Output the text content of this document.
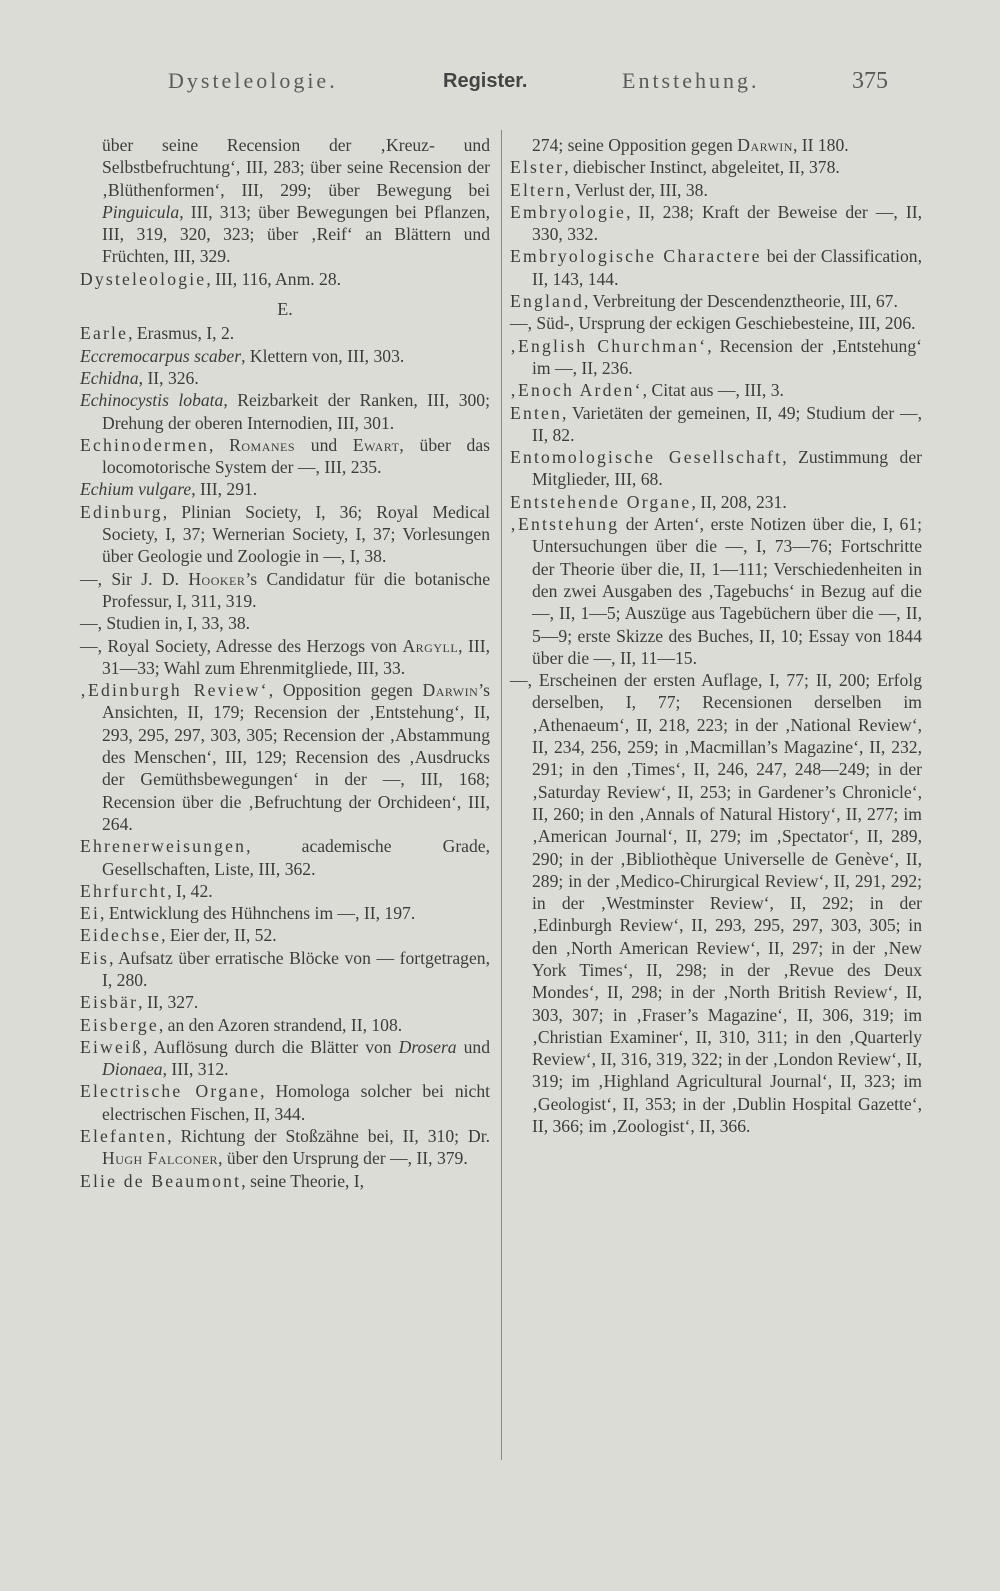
Dysteleologie.	Register.	Entstehung.	375

über seine Recension der ‚Kreuz- und Selbstbefruchtung‘, III, 283; über seine Recension der ‚Blüthenformen‘, III, 299; über Bewegung bei Pinguicula, III, 313; über Bewegungen bei Pflanzen, III, 319, 320, 323; über ‚Reif‘ an Blättern und Früchten, III, 329.

Dysteleologie, III, 116, Anm. 28.

E.

Earle, Erasmus, I, 2.

Eccremocarpus scaber, Klettern von, III, 303.

Echidna, II, 326.

Echinocystis lobata, Reizbarkeit der Ranken, III, 300; Drehung der oberen Internodien, III, 301.

Echinodermen, Romanes und Ewart, über das locomotorische System der —, III, 235.

Echium vulgare, III, 291.

Edinburg, Plinian Society, I, 36; Royal Medical Society, I, 37; Wernerian Society, I, 37; Vorlesungen über Geologie und Zoologie in —, I, 38.

—, Sir J. D. Hooker’s Candidatur für die botanische Professur, I, 311, 319.

—, Studien in, I, 33, 38.

—, Royal Society, Adresse des Herzogs von Argyll, III, 31—33; Wahl zum Ehrenmitgliede, III, 33.

‚Edinburgh Review‘, Opposition gegen Darwin’s Ansichten, II, 179; Recension der ‚Entstehung‘, II, 293, 295, 297, 303, 305; Recension der ‚Abstammung des Menschen‘, III, 129; Recension des ‚Ausdrucks der Gemüthsbewegungen‘ in der —, III, 168; Recension über die ‚Befruchtung der Orchideen‘, III, 264.

Ehrenerweisungen, academische Grade, Gesellschaften, Liste, III, 362.

Ehrfurcht, I, 42.

Ei, Entwicklung des Hühnchens im —, II, 197.

Eidechse, Eier der, II, 52.

Eis, Aufsatz über erratische Blöcke von — fortgetragen, I, 280.

Eisbär, II, 327.

Eisberge, an den Azoren strandend, II, 108.

Eiweiß, Auflösung durch die Blätter von Drosera und Dionaea, III, 312.

Electrische Organe, Homologa solcher bei nicht electrischen Fischen, II, 344.

Elefanten, Richtung der Stoßzähne bei, II, 310; Dr. Hugh Falconer, über den Ursprung der —, II, 379.

Elie de Beaumont, seine Theorie, I,

274; seine Opposition gegen Darwin, II 180.

Elster, diebischer Instinct, abgeleitet, II, 378.

Eltern, Verlust der, III, 38.

Embryologie, II, 238; Kraft der Beweise der —, II, 330, 332.

Embryologische Charactere bei der Classification, II, 143, 144.

England, Verbreitung der Descendenztheorie, III, 67.

—, Süd-, Ursprung der eckigen Geschiebesteine, III, 206.

‚English Churchman‘, Recension der ‚Entstehung‘ im —, II, 236.

‚Enoch Arden‘, Citat aus —, III, 3.

Enten, Varietäten der gemeinen, II, 49; Studium der —, II, 82.

Entomologische Gesellschaft, Zustimmung der Mitglieder, III, 68.

Entstehende Organe, II, 208, 231.

‚Entstehung der Arten‘, erste Notizen über die, I, 61; Untersuchungen über die —, I, 73—76; Fortschritte der Theorie über die, II, 1—111; Verschiedenheiten in den zwei Ausgaben des ‚Tagebuchs‘ in Bezug auf die —, II, 1—5; Auszüge aus Tagebüchern über die —, II, 5—9; erste Skizze des Buches, II, 10; Essay von 1844 über die —, II, 11—15.

—, Erscheinen der ersten Auflage, I, 77; II, 200; Erfolg derselben, I, 77; Recensionen derselben im ‚Athenaeum‘, II, 218, 223; in der ‚National Review‘, II, 234, 256, 259; in ‚Macmillan’s Magazine‘, II, 232, 291; in den ‚Times‘, II, 246, 247, 248—249; in der ‚Saturday Review‘, II, 253; in Gardener’s Chronicle‘, II, 260; in den ‚Annals of Natural History‘, II, 277; im ‚American Journal‘, II, 279; im ‚Spectator‘, II, 289, 290; in der ‚Bibliothèque Universelle de Genève‘, II, 289; in der ‚Medico-Chirurgical Review‘, II, 291, 292; in der ‚Westminster Review‘, II, 292; in der ‚Edinburgh Review‘, II, 293, 295, 297, 303, 305; in den ‚North American Review‘, II, 297; in der ‚New York Times‘, II, 298; in der ‚Revue des Deux Mondes‘, II, 298; in der ‚North British Review‘, II, 303, 307; in ‚Fraser’s Magazine‘, II, 306, 319; im ‚Christian Examiner‘, II, 310, 311; in den ‚Quarterly Review‘, II, 316, 319, 322; in der ‚London Review‘, II, 319; im ‚Highland Agricultural Journal‘, II, 323; im ‚Geologist‘, II, 353; in der ‚Dublin Hospital Gazette‘, II, 366; im ‚Zoologist‘, II, 366.
